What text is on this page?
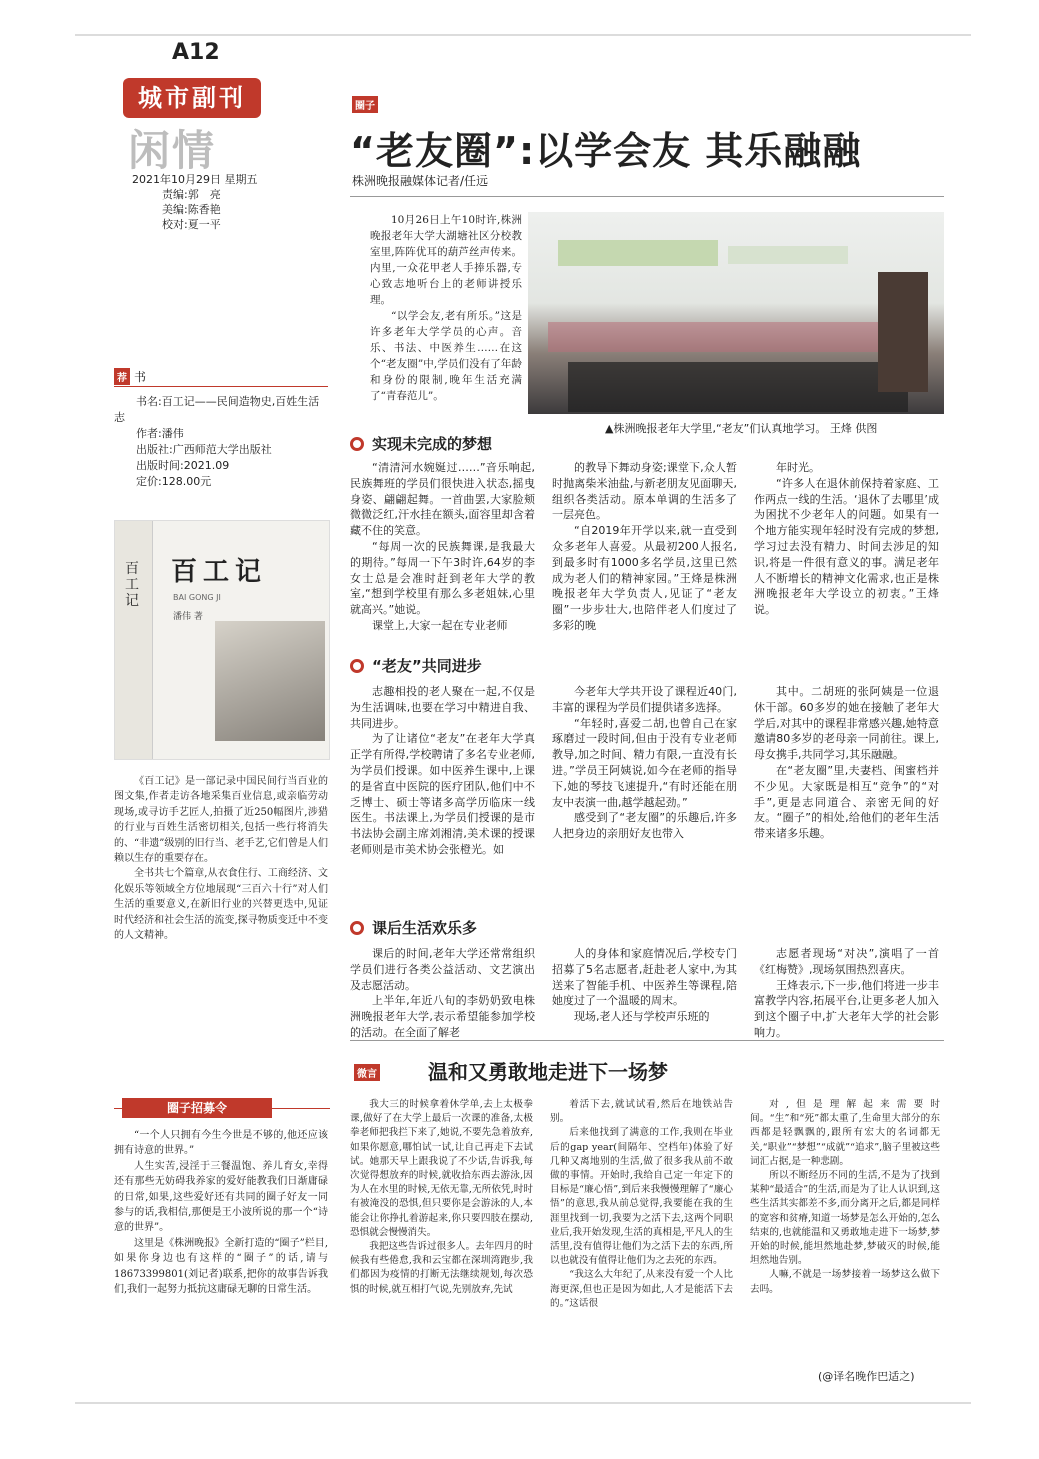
A12
城市副刊
闲情
2021年10月29日 星期五
责编:郭　亮
美编:陈香艳
校对:夏一平
圈子
“老友圈”:以学会友 其乐融融
株洲晚报融媒体记者/任远

10月26日上午10时许,株洲晚报老年大学大湖塘社区分校教室里,阵阵优耳的葫芦丝声传来。内里,一众花甲老人手捧乐器,专心致志地听台上的老师讲授乐理。

“以学会友,老有所乐。”这是许多老年大学学员的心声。音乐、书法、中医养生……在这个“老友圈”中,学员们没有了年龄和身份的限制,晚年生活充满了“青春范儿”。

▲株洲晚报老年大学里,“老友”们认真地学习。 王烽 供图
实现未完成的梦想

“清清河水婉娫过……”音乐响起,民族舞班的学员们很快进入状态,摇曳身姿、翩翩起舞。一首曲罢,大家脸颊微微泛红,汗水挂在额头,面容里却含着藏不住的笑意。

“每周一次的民族舞课,是我最大的期待。”每周一下午3时许,64岁的李女士总是会准时赶到老年大学的教室,“想到学校里有那么多老姐妹,心里就高兴。”她说。

课堂上,大家一起在专业老师

的教导下舞动身姿;课堂下,众人暂时抛离柴米油盐,与新老朋友见面聊天,组织各类活动。原本单调的生活多了一层亮色。

“自2019年开学以来,就一直受到众多老年人喜爱。从最初200人报名,到最多时有1000多名学员,这里已然成为老人们的精神家园。”王烽是株洲晚报老年大学负责人,见证了“老友圈”一步步壮大,也陪伴老人们度过了多彩的晚

年时光。

“许多人在退休前保持着家庭、工作两点一线的生活。‘退休了去哪里’成为困扰不少老年人的问题。如果有一个地方能实现年轻时没有完成的梦想,学习过去没有精力、时间去涉足的知识,将是一件很有意义的事。满足老年人不断增长的精神文化需求,也正是株洲晚报老年大学设立的初衷。”王烽说。

“老友”共同进步

志趣相投的老人聚在一起,不仅是为生活调味,也要在学习中精进自我、共同进步。

为了让诸位“老友”在老年大学真正学有所得,学校聘请了多名专业老师,为学员们授课。如中医养生课中,上课的是省直中医院的医疗团队,他们中不乏博士、硕士等诸多高学历临床一线医生。书法课上,为学员们授课的是市书法协会副主席刘湘清,美术课的授课老师则是市美术协会张橙光。如

今老年大学共开设了课程近40门,丰富的课程为学员们提供诸多选择。

“年轻时,喜爱二胡,也曾自己在家琢磨过一段时间,但由于没有专业老师教导,加之时间、精力有限,一直没有长进。”学员王阿姨说,如今在老师的指导下,她的琴技飞速提升,“有时还能在朋友中表演一曲,越学越起劲。”

感受到了“老友圈”的乐趣后,许多人把身边的亲朋好友也带入

其中。二胡班的张阿姨是一位退休干部。60多岁的她在接触了老年大学后,对其中的课程非常感兴趣,她特意邀请80多岁的老母亲一同前往。课上,母女携手,共同学习,其乐融融。

在“老友圈”里,夫妻档、闺蜜档并不少见。大家既是相互“竞争”的“对手”,更是志同道合、亲密无间的好友。“圈子”的相处,给他们的老年生活带来诸多乐趣。

课后生活欢乐多

课后的时间,老年大学还常常组织学员们进行各类公益活动、文艺演出及志愿活动。

上半年,年近八旬的李奶奶致电株洲晚报老年大学,表示希望能参加学校的活动。在全面了解老

人的身体和家庭情况后,学校专门招募了5名志愿者,赶赴老人家中,为其送来了智能手机、中医养生等课程,陪她度过了一个温暖的周末。

现场,老人还与学校声乐班的

志愿者现场“对决”,演唱了一首《红梅赞》,现场氛围热烈喜庆。

王烽表示,下一步,他们将进一步丰富教学内容,拓展平台,让更多老人加入到这个圈子中,扩大老年大学的社会影响力。

荐 书
书名:百工记——民间造物史,百姓生活志
作者:潘伟
出版社:广西师范大学出版社
出版时间:2021.09
定价:128.00元
百工记
百工记
BAI GONG JI
潘伟 著

《百工记》是一部记录中国民间行当百业的图文集,作者走访各地采集百业信息,或亲临劳动现场,或寻访手艺匠人,拍摄了近250幅图片,涉猎的行业与百姓生活密切相关,包括一些行将消失的、“非遗”级别的旧行当、老手艺,它们曾是人们赖以生存的重要存在。

全书共七个篇章,从衣食住行、工商经济、文化娱乐等领域全方位地展现“三百六十行”对人们生活的重要意义,在新旧行业的兴替更迭中,见证时代经济和社会生活的流变,探寻物质变迁中不变的人文精神。

圈子招募令

“一个人只拥有今生今世是不够的,他还应该拥有诗意的世界。”

人生实苦,浸淫于三餐温饱、养儿育女,幸得还有那些无妨碍我养家的爱好能教我们日渐庸碌的日常,如果,这些爱好还有共同的圈子好友一同参与的话,我相信,那便是王小波所说的那一个“诗意的世界”。

这里是《株洲晚报》全新打造的“圈子”栏目,如果你身边也有这样的“圈子”的话,请与18673399801(刘记者)联系,把你的故事告诉我们,我们一起努力抵抗这庸碌无聊的日常生活。

微言	温和又勇敢地走进下一场梦

我大三的时候拿着休学单,去上太极拳课,做好了在大学上最后一次课的准备,太极拳老师把我拦下来了,她说,不要先急着放弃,如果你愿意,哪怕试一试,让自己再走下去试试。她那天早上跟我说了不少话,告诉我,每次觉得想放弃的时候,就收拾东西去游泳,因为人在水里的时候,无依无靠,无所依凭,时时有被淹没的恐惧,但只要你是会游泳的人,本能会让你挣扎着游起来,你只要四肢在摆动,恐惧就会慢慢消失。

我把这些告诉过很多人。去年四月的时候我有些倦怠,我和云宝都在深圳湾跑步,我们都因为疫情的打断无法继续规划,每次恐惧的时候,就互相打气说,先别放弃,先试

着活下去,就试试看,然后在地铁站告别。

后来他找到了满意的工作,我则在毕业后的gap year(间隔年、空档年)体验了好几种又离地别的生活,做了很多我从前不敢做的事情。开始时,我给自己定一年定下的目标是“廉心悟”,到后来我慢慢理解了“廉心悟”的意思,我从前总觉得,我要能在我的生涯里找到一切,我要为之活下去,这两个同职业后,我开始发现,生活的真相是,平凡人的生活里,没有值得让他们为之活下去的东西,所以也就没有值得让他们为之去死的东西。

“我这么大年纪了,从来没有爱一个人比海更深,但也正是因为如此,人才是能活下去的。”这话很

对,但是理解起来需要时间。“生”和“死”都太重了,生命里大部分的东西都是轻飘飘的,跟所有宏大的名词都无关,“职业”“梦想”“成就”“追求”,脑子里被这些词汇占据,是一种悲剧。

所以不断经历不同的生活,不是为了找到某种“最适合”的生活,而是为了让人认识到,这些生活其实都差不多,而分离开之后,都是同样的宽容和贫瘠,知道一场梦是怎么开始的,怎么结束的,也就能温和又勇敢地走进下一场梦,梦开始的时候,能坦然地赴梦,梦破灭的时候,能坦然地告别。

人嘛,不就是一场梦接着一场梦这么做下去吗。

(@译名晚作巴适之)
